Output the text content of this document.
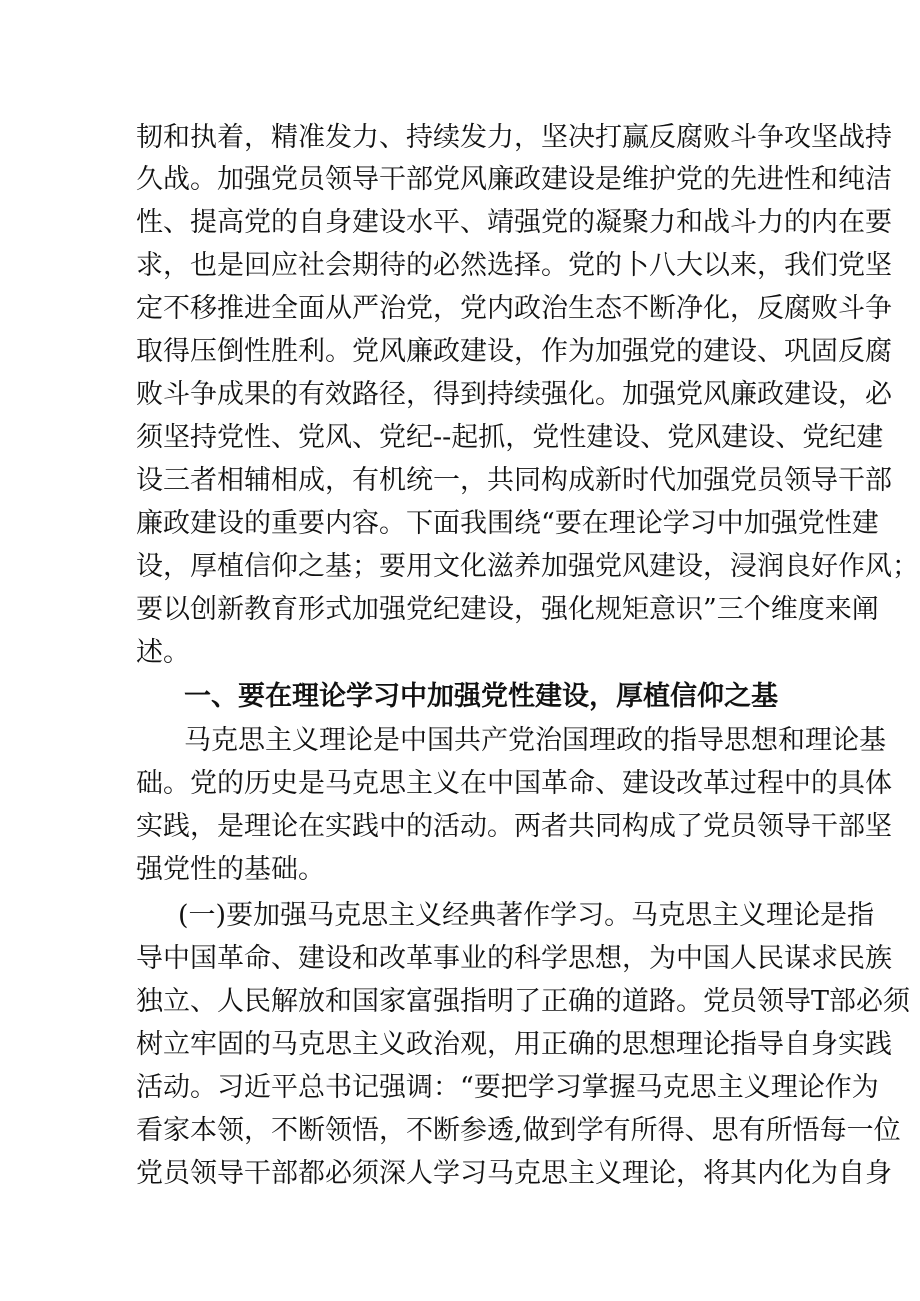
韧和执着，精准发力、持续发力，坚决打赢反腐败斗争攻坚战持

久战。加强党员领导干部党风廉政建设是维护党的先进性和纯洁

性、提高党的自身建设水平、靖强党的凝聚力和战斗力的内在要

求，也是回应社会期待的必然选择。党的卜八大以来，我们党坚

定不移推进全面从严治党，党内政治生态不断净化，反腐败斗争

取得压倒性胜利。党风廉政建设，作为加强党的建设、巩固反腐

败斗争成果的有效路径，得到持续强化。加强党风廉政建设，必

须坚持党性、党风、党纪--起抓，党性建设、党风建设、党纪建

设三者相辅相成，有机统一，共同构成新时代加强党员领导干部

廉政建设的重要内容。下面我围绕“要在理论学习中加强党性建

设，厚植信仰之基；要用文化滋养加强党风建设，浸润良好作风；

要以创新教育形式加强党纪建设，强化规矩意识”三个维度来阐

述。

一、要在理论学习中加强党性建设，厚植信仰之基

马克思主义理论是中国共产党治国理政的指导思想和理论基

础。党的历史是马克思主义在中国革命、建设改革过程中的具体

实践，是理论在实践中的活动。两者共同构成了党员领导干部坚

强党性的基础。

(一)要加强马克思主义经典著作学习。马克思主义理论是指

导中国革命、建设和改革事业的科学思想，为中国人民谋求民族

独立、人民解放和国家富强指明了正确的道路。党员领导T部必须

树立牢固的马克思主义政治观，用正确的思想理论指导自身实践

活动。习近平总书记强调：“要把学习掌握马克思主义理论作为

看家本领，不断领悟，不断参透,做到学有所得、思有所悟每一位

党员领导干部都必须深人学习马克思主义理论，将其内化为自身
